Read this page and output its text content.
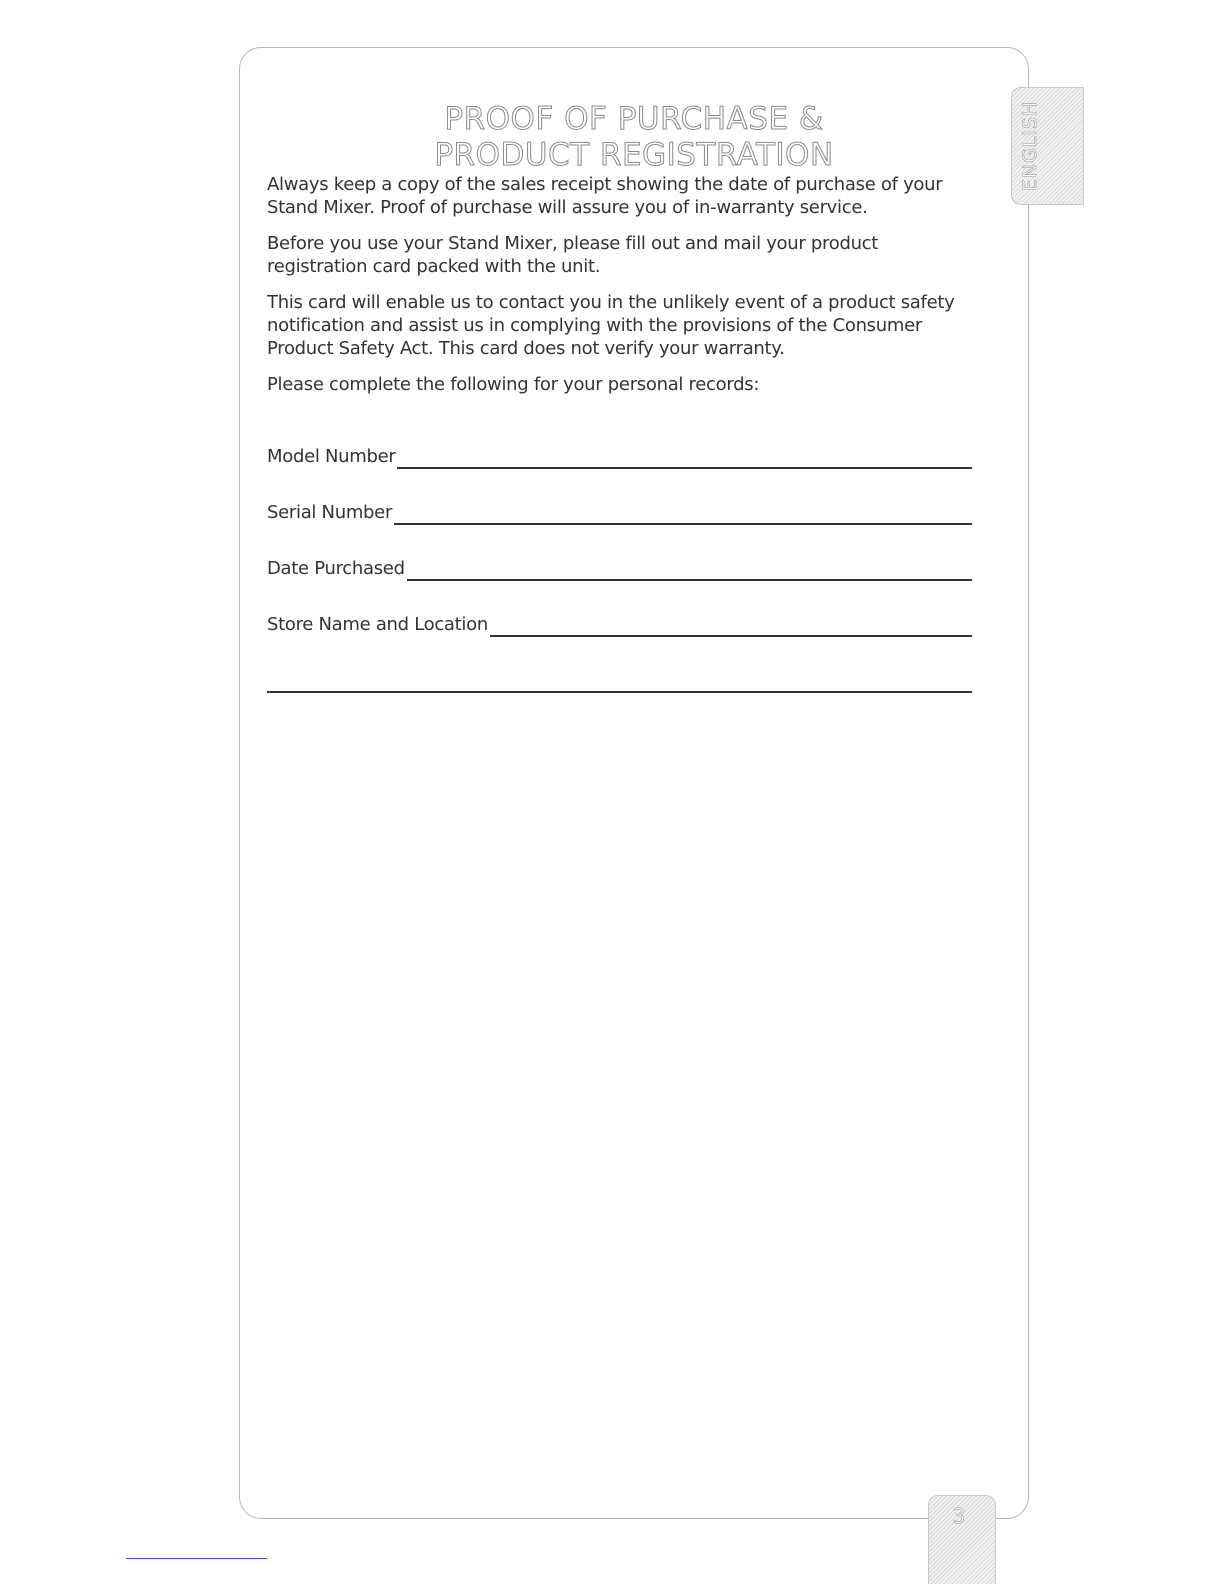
PROOF OF PURCHASE &
PRODUCT REGISTRATION

Always keep a copy of the sales receipt showing the date of purchase of your Stand Mixer. Proof of purchase will assure you of in-warranty service.

Before you use your Stand Mixer, please fill out and mail your product registration card packed with the unit.

This card will enable us to contact you in the unlikely event of a product safety notification and assist us in complying with the provisions of the Consumer Product Safety Act. This card does not verify your warranty.

Please complete the following for your personal records:

Model Number
Serial Number
Date Purchased
Store Name and Location
ENGLISH
3
